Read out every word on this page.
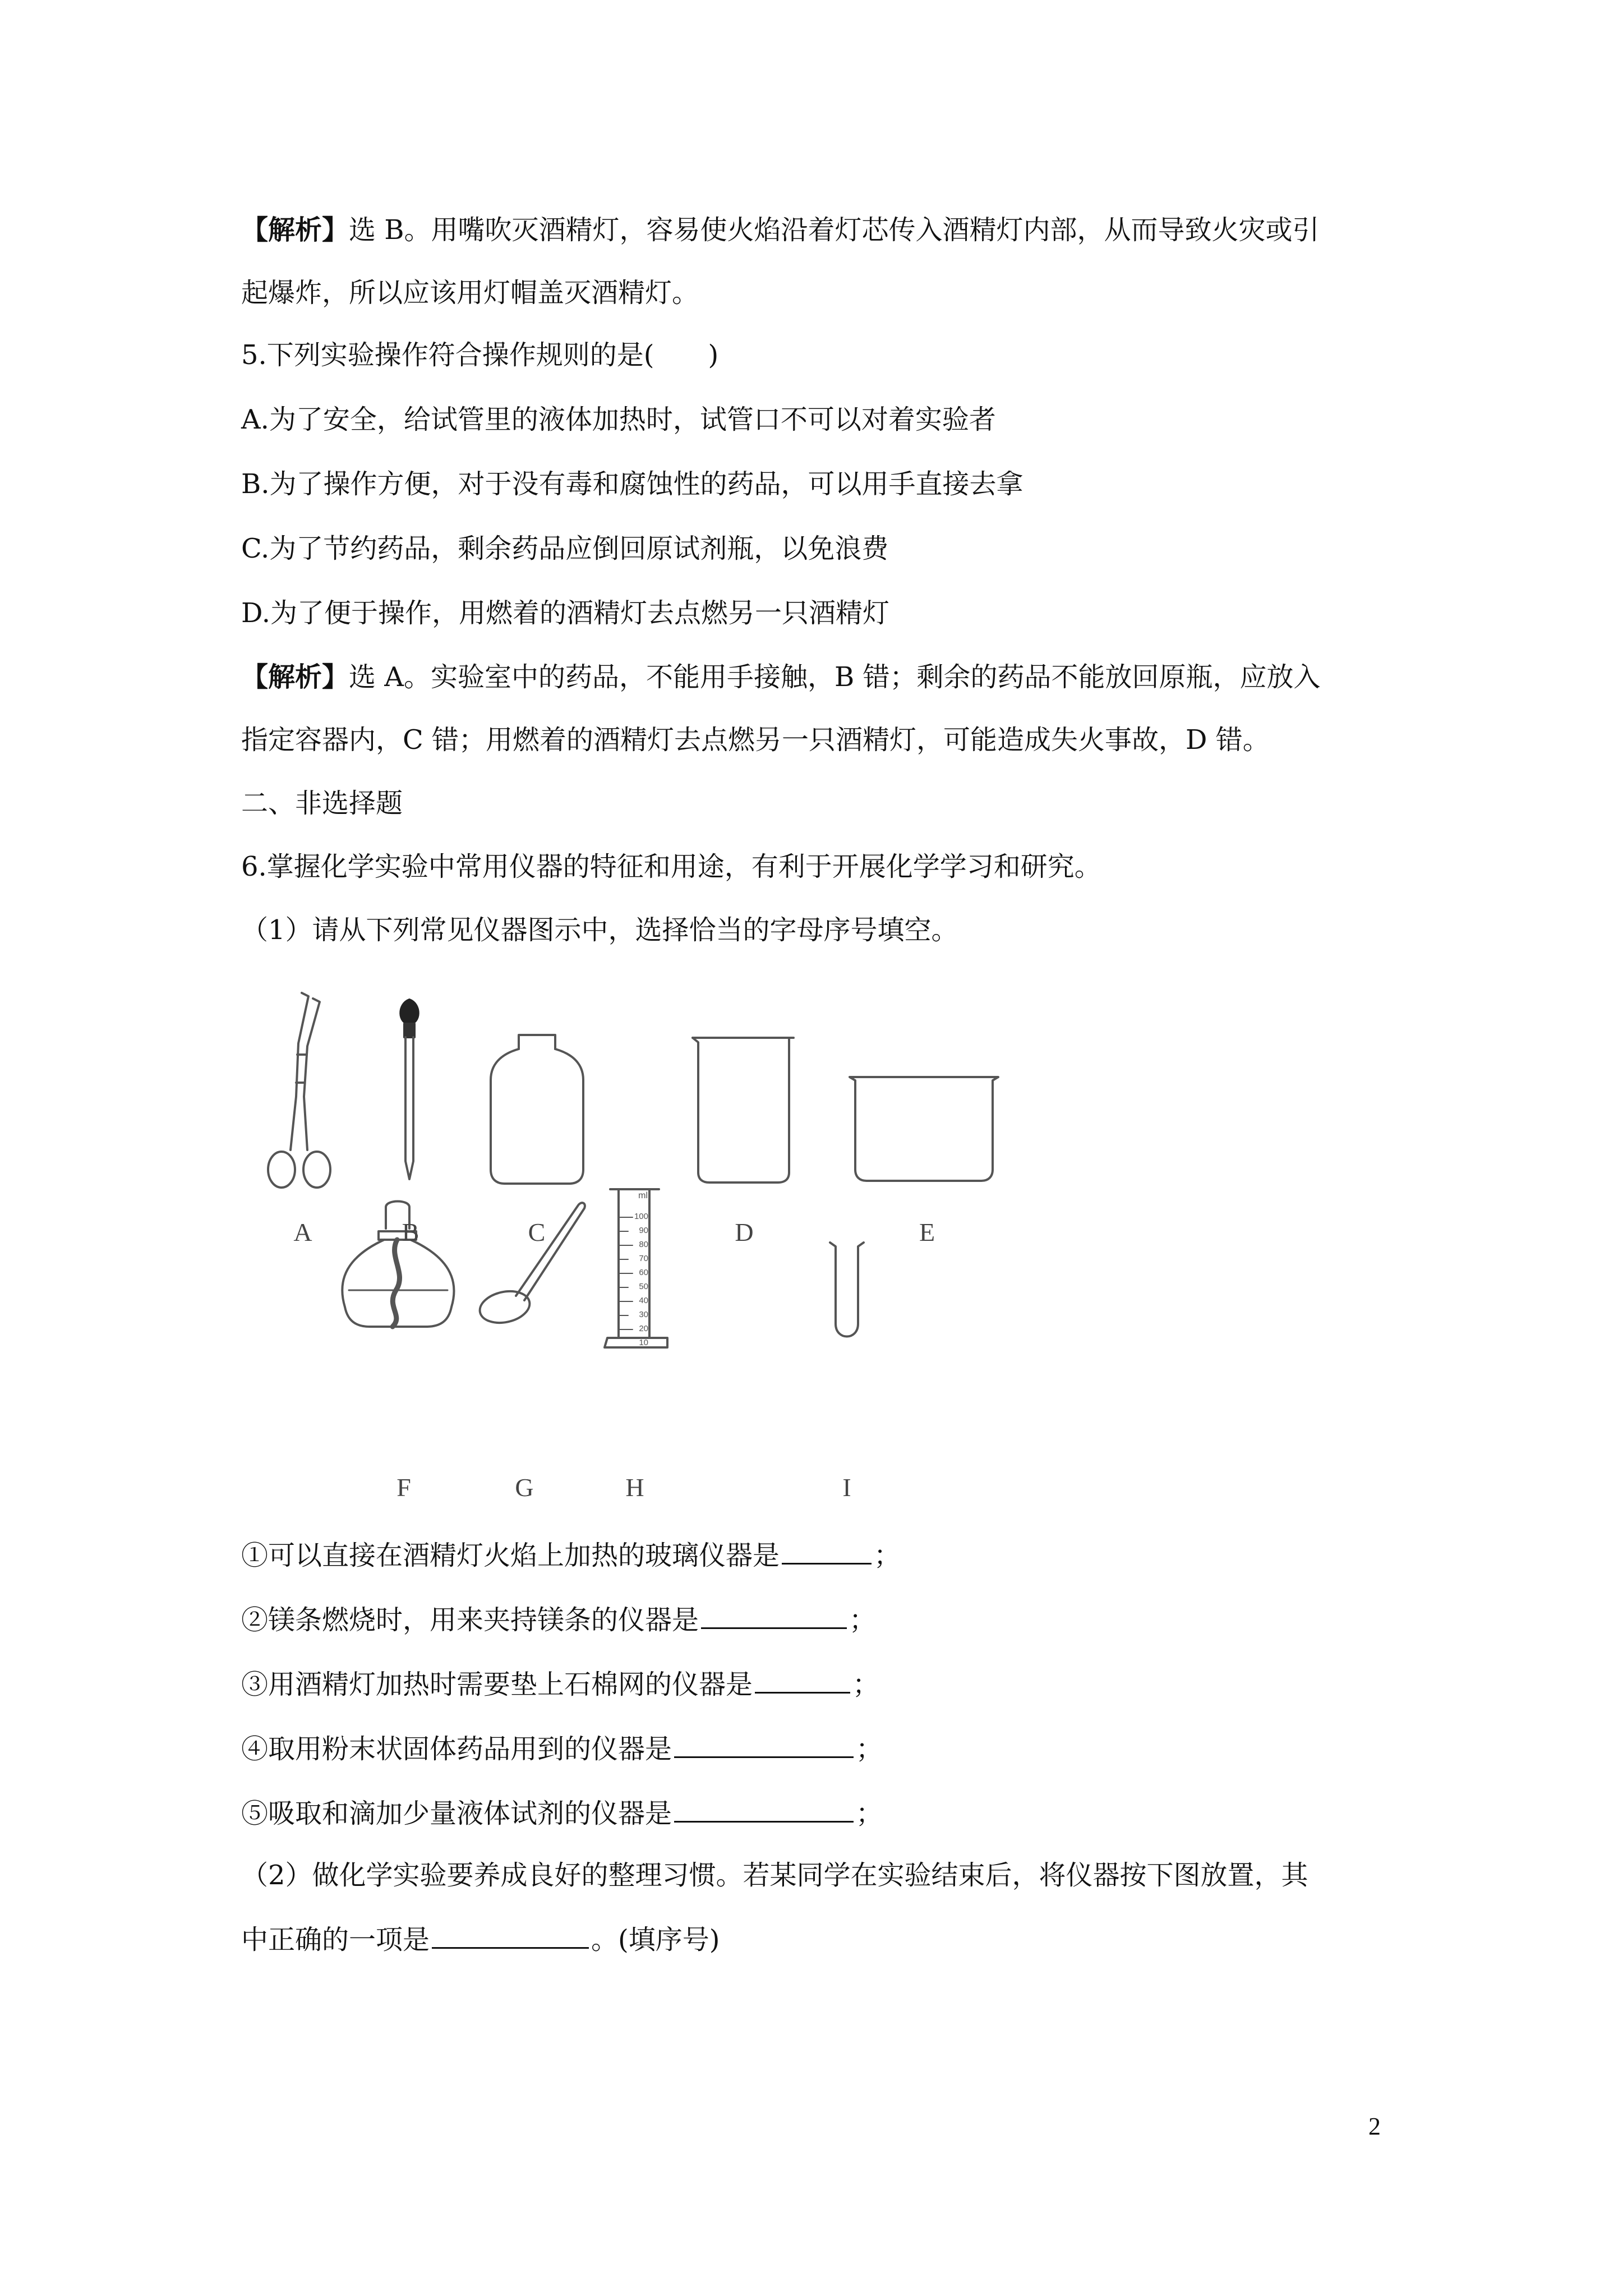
【解析】选 B。用嘴吹灭酒精灯，容易使火焰沿着灯芯传入酒精灯内部，从而导致火灾或引
起爆炸，所以应该用灯帽盖灭酒精灯。
5.下列实验操作符合操作规则的是(　　)
A.为了安全，给试管里的液体加热时，试管口不可以对着实验者
B.为了操作方便，对于没有毒和腐蚀性的药品，可以用手直接去拿
C.为了节约药品，剩余药品应倒回原试剂瓶，以免浪费
D.为了便于操作，用燃着的酒精灯去点燃另一只酒精灯
【解析】选 A。实验室中的药品，不能用手接触，B 错；剩余的药品不能放回原瓶，应放入
指定容器内，C 错；用燃着的酒精灯去点燃另一只酒精灯，可能造成失火事故，D 错。
二、非选择题
6.掌握化学实验中常用仪器的特征和用途，有利于开展化学学习和研究。
（1）请从下列常见仪器图示中，选择恰当的字母序号填空。
ml
100
90
80
70
60
50
40
30
20
10
A	B	C	D	E
F	G	H	I
①可以直接在酒精灯火焰上加热的玻璃仪器是	；
②镁条燃烧时，用来夹持镁条的仪器是	；
③用酒精灯加热时需要垫上石棉网的仪器是	；
④取用粉末状固体药品用到的仪器是	；
⑤吸取和滴加少量液体试剂的仪器是	；
（2）做化学实验要养成良好的整理习惯。若某同学在实验结束后，将仪器按下图放置，其
中正确的一项是	。(填序号)
2
